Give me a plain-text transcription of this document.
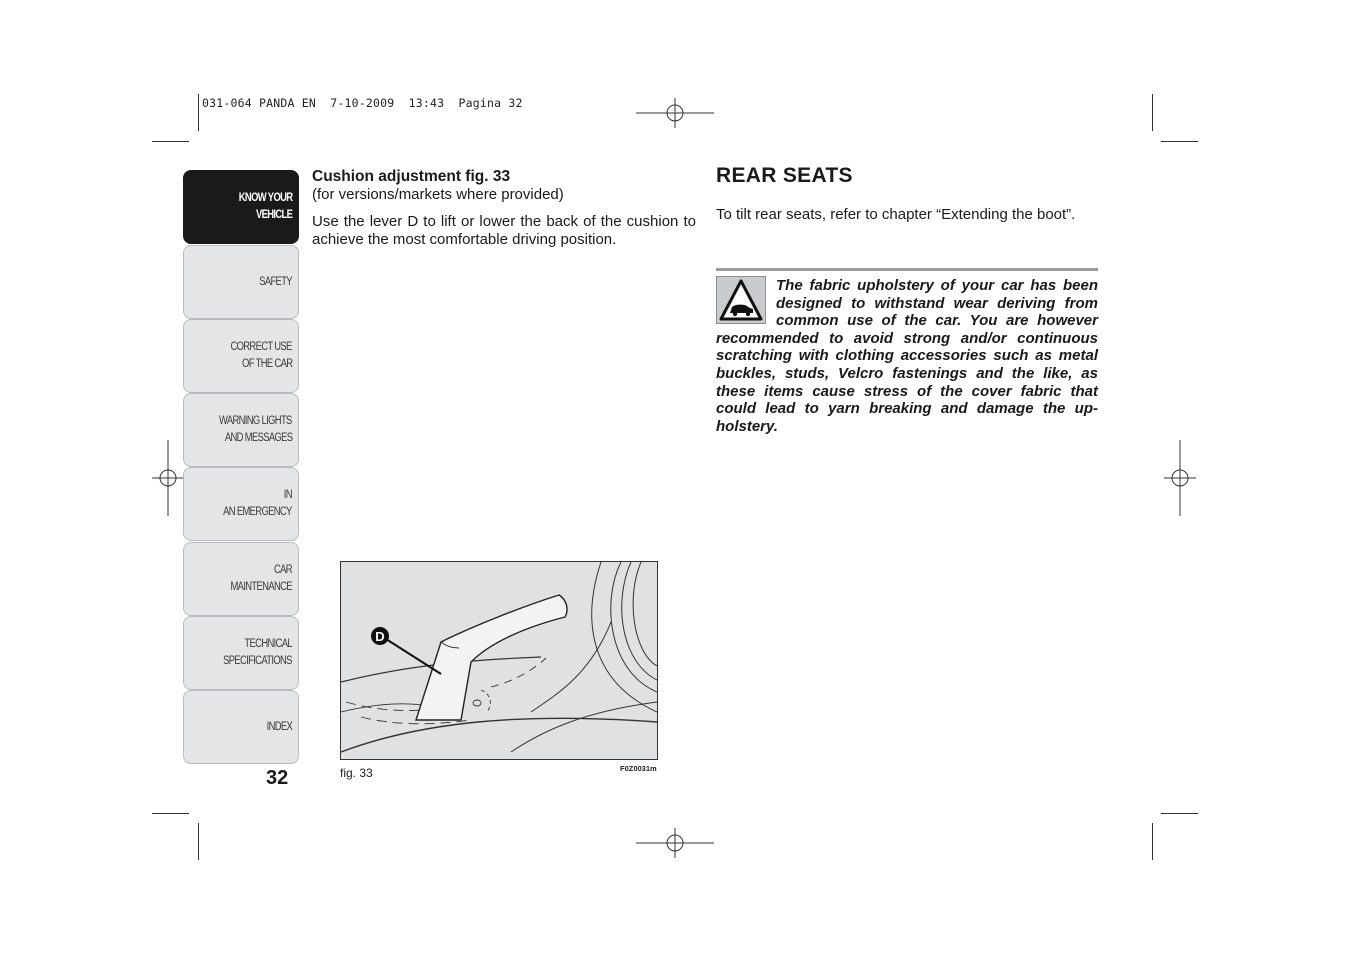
031-064 PANDA EN  7-10-2009  13:43  Pagina 32
KNOW YOUR
VEHICLE
SAFETY
CORRECT USE
OF THE CAR
WARNING LIGHTS
AND MESSAGES
IN
AN EMERGENCY
CAR
MAINTENANCE
TECHNICAL
SPECIFICATIONS
INDEX
32

Cushion adjustment fig. 33

(for versions/markets where provided)

Use the lever D to lift or lower the back of the cushion to achieve the most comfortable driving position.

D
fig. 33	F0Z0031m
REAR SEATS
To tilt rear seats, refer to chapter “Extending the boot”.
The fabric upholstery of your car has been designed to withstand wear deriving from common use of the car. You are however recommended to avoid strong and/or continuous scratching with clothing accessories such as metal buckles, studs, Velcro fastenings and the like, as these items cause stress of the cover fabric that could lead to yarn breaking and damage the up-holstery.
